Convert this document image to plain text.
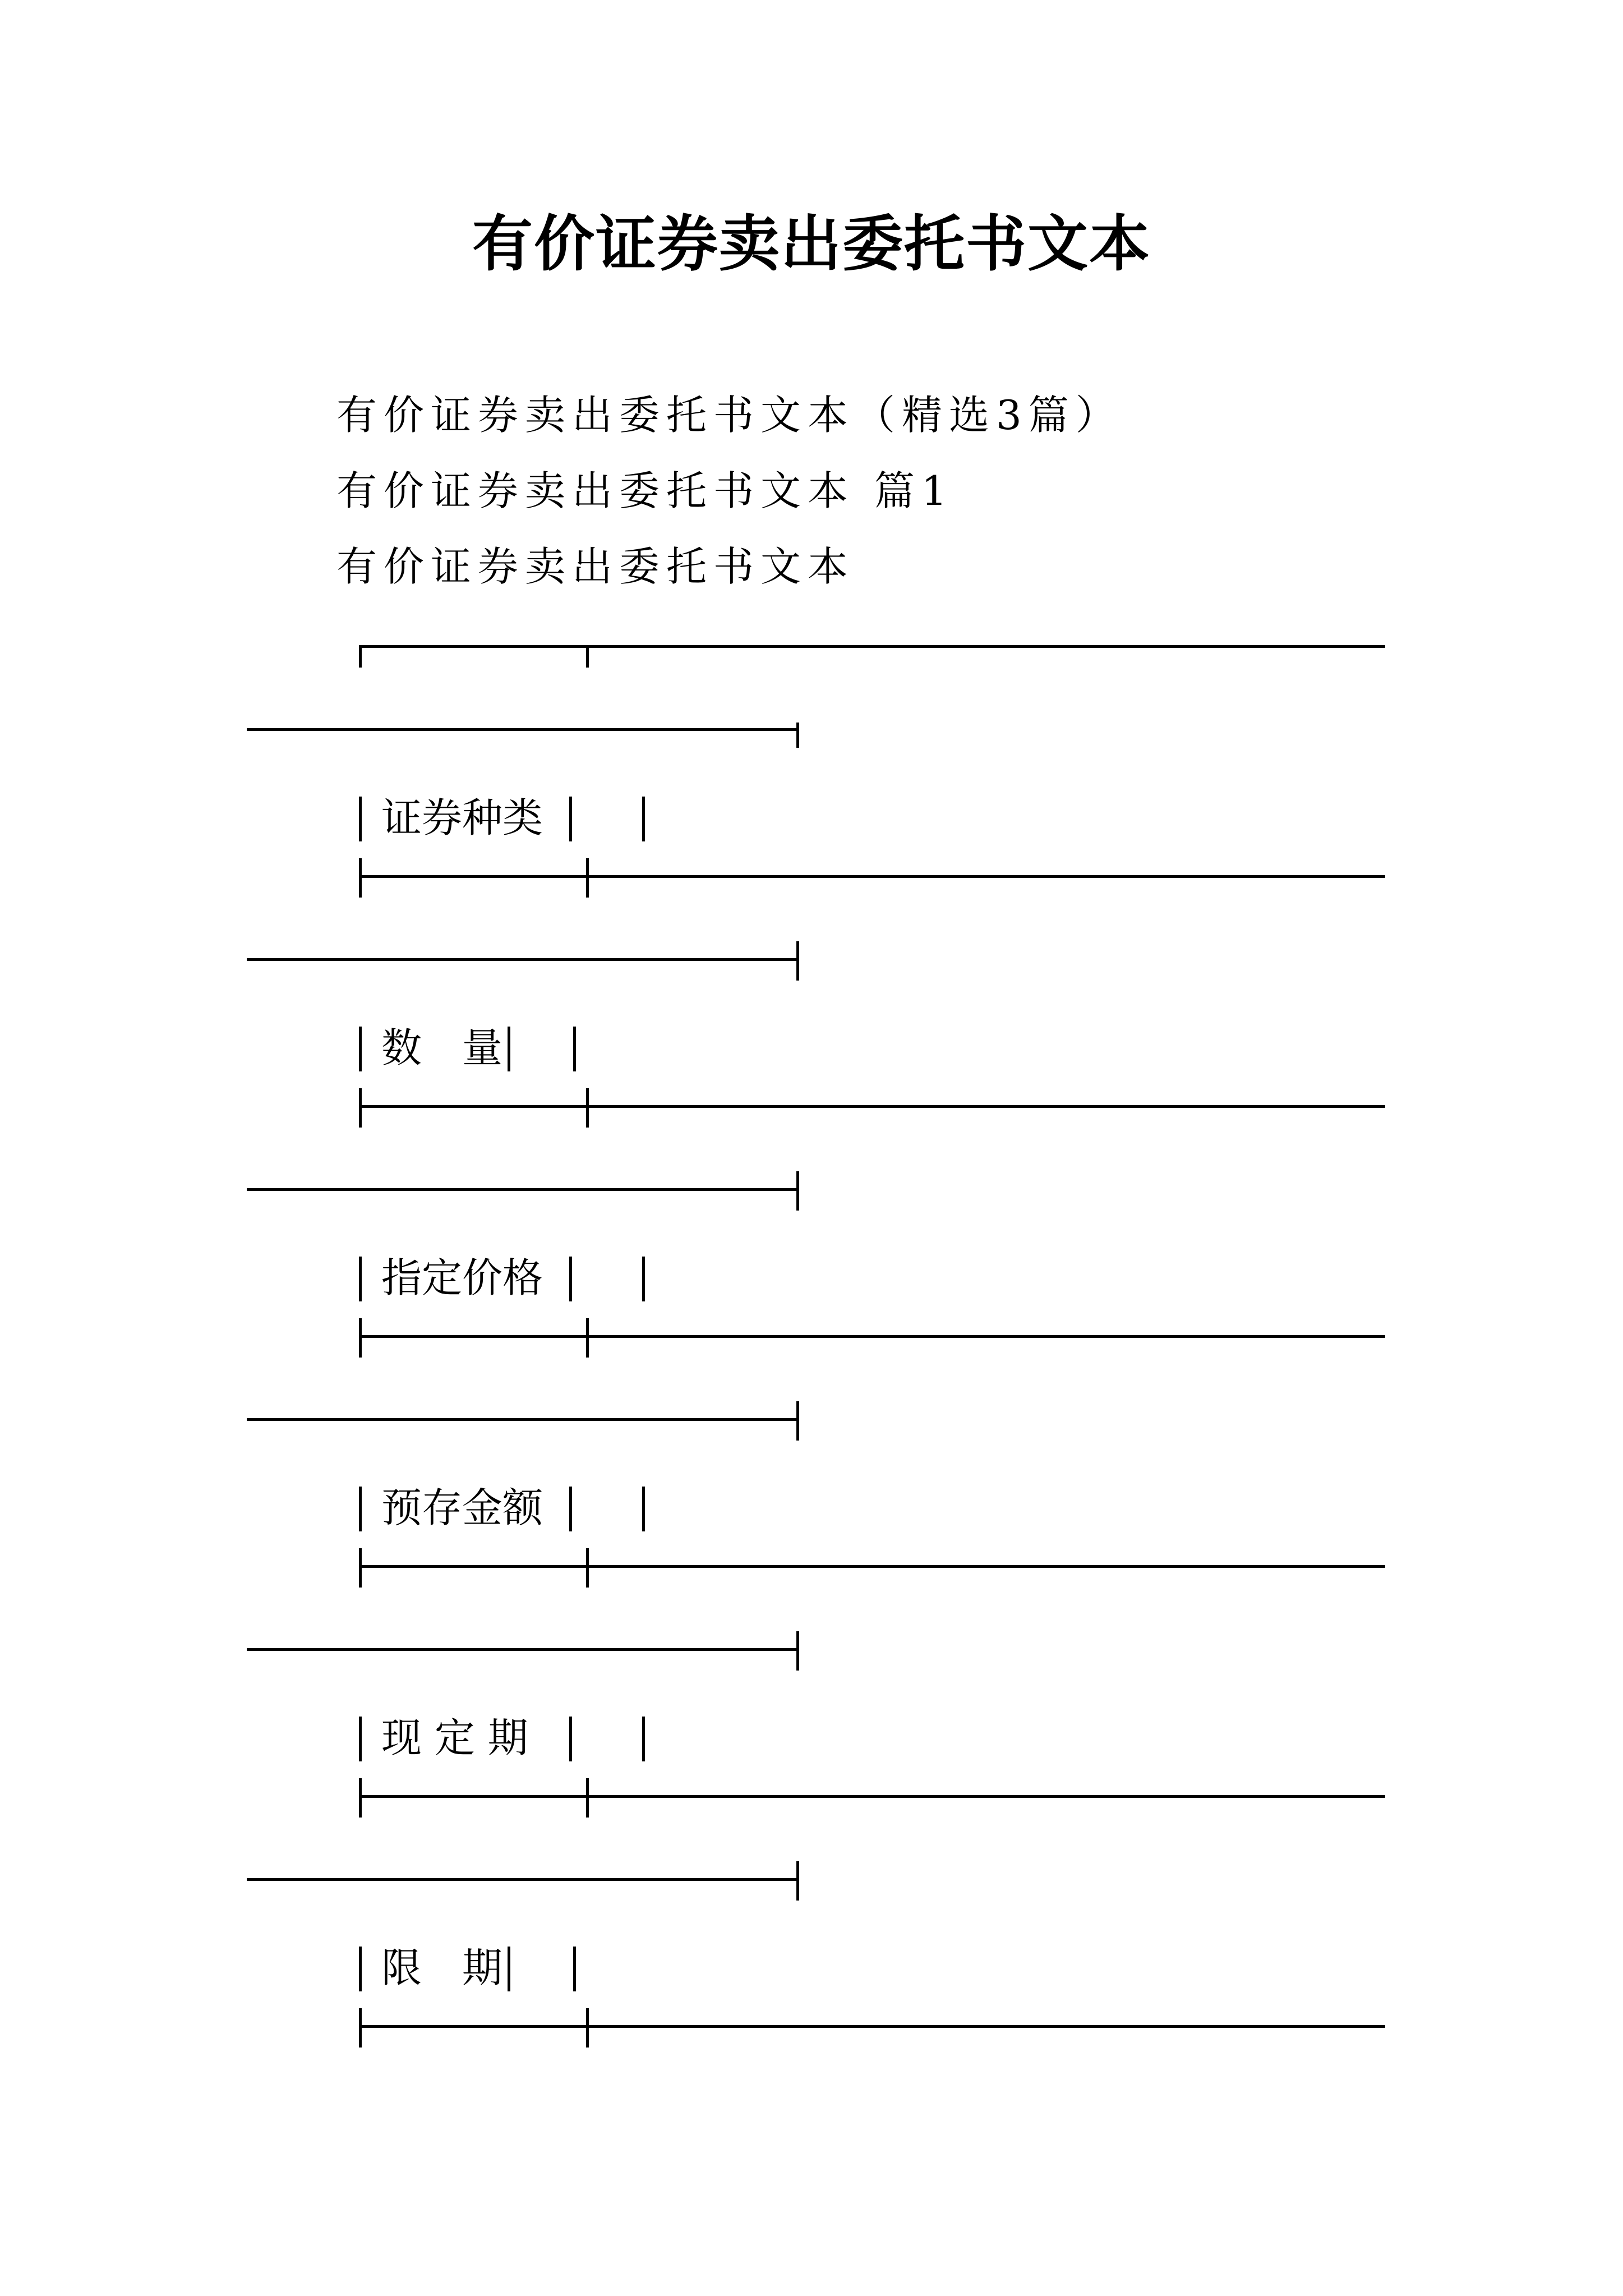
有价证券卖出委托书文本

有价证券卖出委托书文本（精选3篇）

有价证券卖出委托书文本 篇1

有价证券卖出委托书文本

证券种类
数　量
指定价格
预存金额
现 定 期
限　期
